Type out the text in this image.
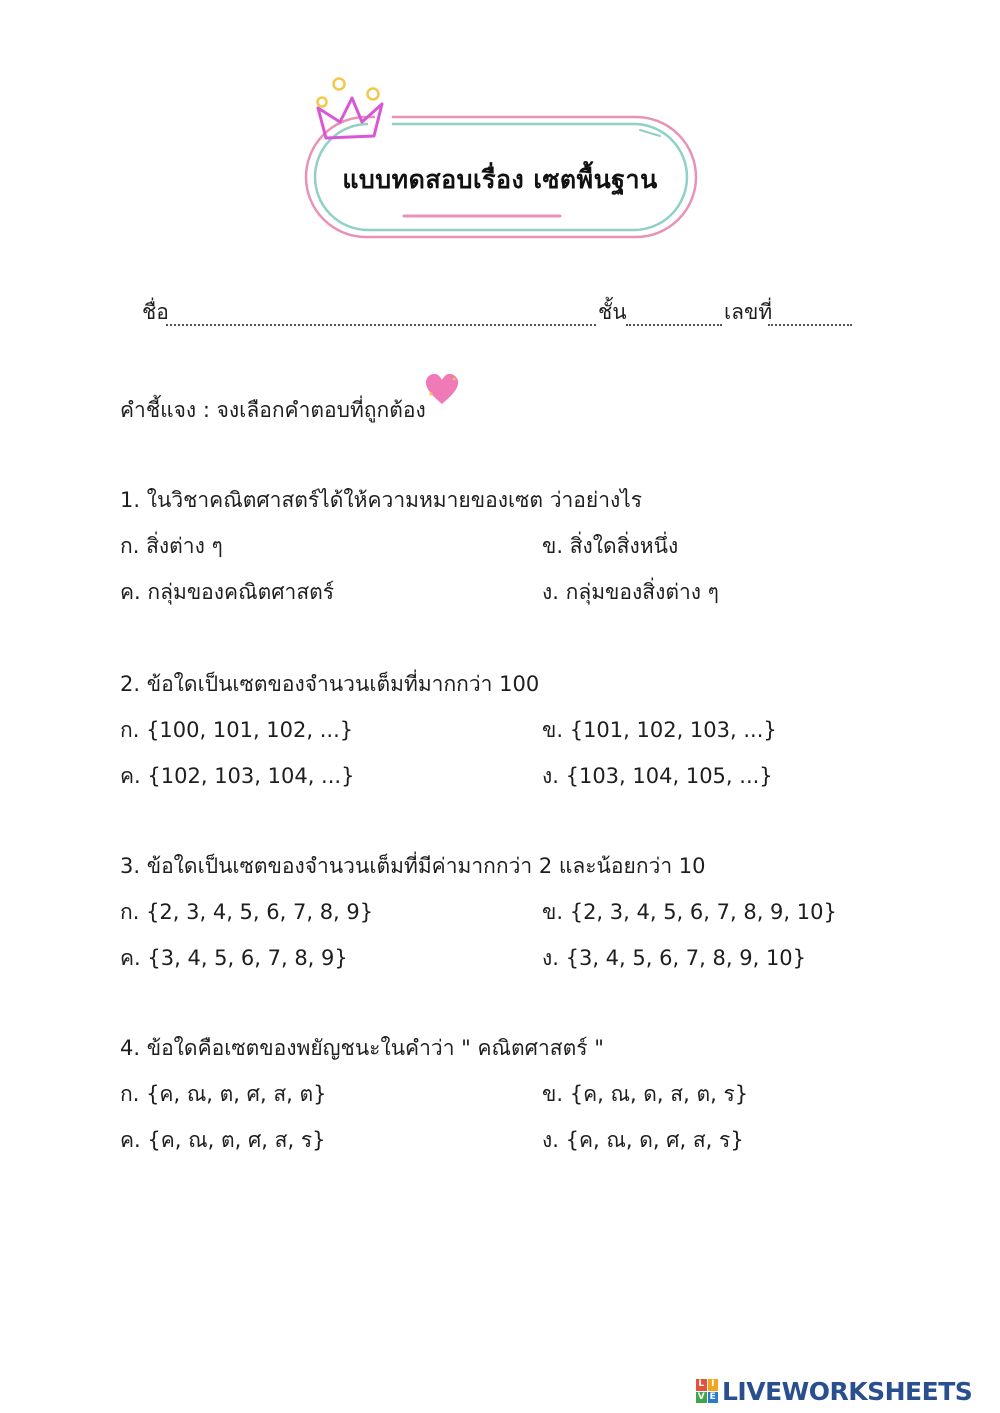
แบบทดสอบเรื่อง เซตพื้นฐาน
ชื่อ	ชั้น	เลขที่
คำชี้แจง : จงเลือกคำตอบที่ถูกต้อง
1. ในวิชาคณิตศาสตร์ได้ให้ความหมายของเซต ว่าอย่างไร
ก. สิ่งต่าง ๆ	ข. สิ่งใดสิ่งหนึ่ง
ค. กลุ่มของคณิตศาสตร์	ง. กลุ่มของสิ่งต่าง ๆ
2. ข้อใดเป็นเซตของจำนวนเต็มที่มากกว่า 100
ก. {100, 101, 102, ...}	ข. {101, 102, 103, ...}
ค. {102, 103, 104, ...}	ง. {103, 104, 105, ...}
3. ข้อใดเป็นเซตของจำนวนเต็มที่มีค่ามากกว่า 2 และน้อยกว่า 10
ก. {2, 3, 4, 5, 6, 7, 8, 9}	ข. {2, 3, 4, 5, 6, 7, 8, 9, 10}
ค. {3, 4, 5, 6, 7, 8, 9}	ง. {3, 4, 5, 6, 7, 8, 9, 10}
4. ข้อใดคือเซตของพยัญชนะในคำว่า " คณิตศาสตร์ "
ก. {ค, ณ, ต, ศ, ส, ต}	ข. {ค, ณ, ด, ส, ต, ร}
ค. {ค, ณ, ต, ศ, ส, ร}	ง. {ค, ณ, ด, ศ, ส, ร}
L I
V E LIVEWORKSHEETS
